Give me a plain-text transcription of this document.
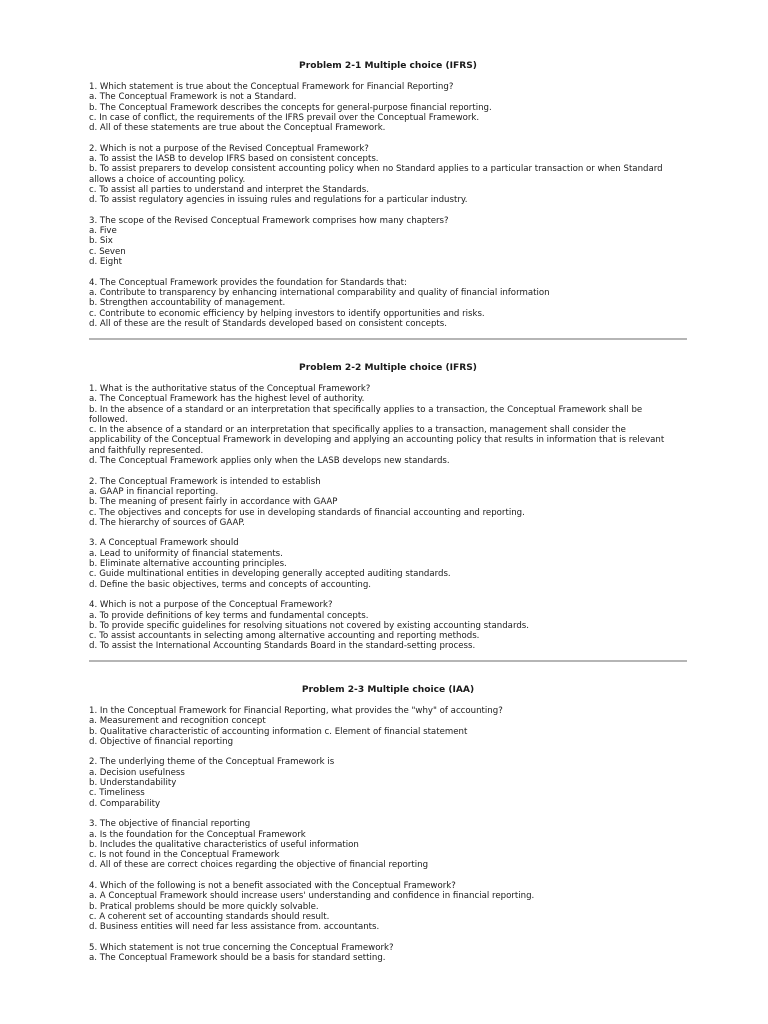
Problem 2-1 Multiple choice (IFRS)
1. Which statement is true about the Conceptual Framework for Financial Reporting?
a. The Conceptual Framework is not a Standard.
b. The Conceptual Framework describes the concepts for general-purpose financial reporting.
c. In case of conflict, the requirements of the IFRS prevail over the Conceptual Framework.
d. All of these statements are true about the Conceptual Framework.
2. Which is not a purpose of the Revised Conceptual Framework?
a. To assist the IASB to develop IFRS based on consistent concepts.
b. To assist preparers to develop consistent accounting policy when no Standard applies to a particular transaction or when Standard
allows a choice of accounting policy.
c. To assist all parties to understand and interpret the Standards.
d. To assist regulatory agencies in issuing rules and regulations for a particular industry.
3. The scope of the Revised Conceptual Framework comprises how many chapters?
a. Five
b. Six
c. Seven
d. Eight
4. The Conceptual Framework provides the foundation for Standards that:
a. Contribute to transparency by enhancing international comparability and quality of financial information
b. Strengthen accountability of management.
c. Contribute to economic efficiency by helping investors to identify opportunities and risks.
d. All of these are the result of Standards developed based on consistent concepts.
Problem 2-2 Multiple choice (IFRS)
1. What is the authoritative status of the Conceptual Framework?
a. The Conceptual Framework has the highest level of authority.
b. In the absence of a standard or an interpretation that specifically applies to a transaction, the Conceptual Framework shall be
followed.
c. In the absence of a standard or an interpretation that specifically applies to a transaction, management shall consider the
applicability of the Conceptual Framework in developing and applying an accounting policy that results in information that is relevant
and faithfully represented.
d. The Conceptual Framework applies only when the LASB develops new standards.
2. The Conceptual Framework is intended to establish
a. GAAP in financial reporting.
b. The meaning of present fairly in accordance with GAAP
c. The objectives and concepts for use in developing standards of financial accounting and reporting.
d. The hierarchy of sources of GAAP.
3. A Conceptual Framework should
a. Lead to uniformity of financial statements.
b. Eliminate alternative accounting principles.
c. Guide multinational entities in developing generally accepted auditing standards.
d. Define the basic objectives, terms and concepts of accounting.
4. Which is not a purpose of the Conceptual Framework?
a. To provide definitions of key terms and fundamental concepts.
b. To provide specific guidelines for resolving situations not covered by existing accounting standards.
c. To assist accountants in selecting among alternative accounting and reporting methods.
d. To assist the International Accounting Standards Board in the standard-setting process.
Problem 2-3 Multiple choice (IAA)
1. In the Conceptual Framework for Financial Reporting, what provides the "why" of accounting?
a. Measurement and recognition concept
b. Qualitative characteristic of accounting information c. Element of financial statement
d. Objective of financial reporting
2. The underlying theme of the Conceptual Framework is
a. Decision usefulness
b. Understandability
c. Timeliness
d. Comparability
3. The objective of financial reporting
a. Is the foundation for the Conceptual Framework
b. Includes the qualitative characteristics of useful information
c. Is not found in the Conceptual Framework
d. All of these are correct choices regarding the objective of financial reporting
4. Which of the following is not a benefit associated with the Conceptual Framework?
a. A Conceptual Framework should increase users' understanding and confidence in financial reporting.
b. Pratical problems should be more quickly solvable.
c. A coherent set of accounting standards should result.
d. Business entities will need far less assistance from. accountants.
5. Which statement is not true concerning the Conceptual Framework?
a. The Conceptual Framework should be a basis for standard setting.
